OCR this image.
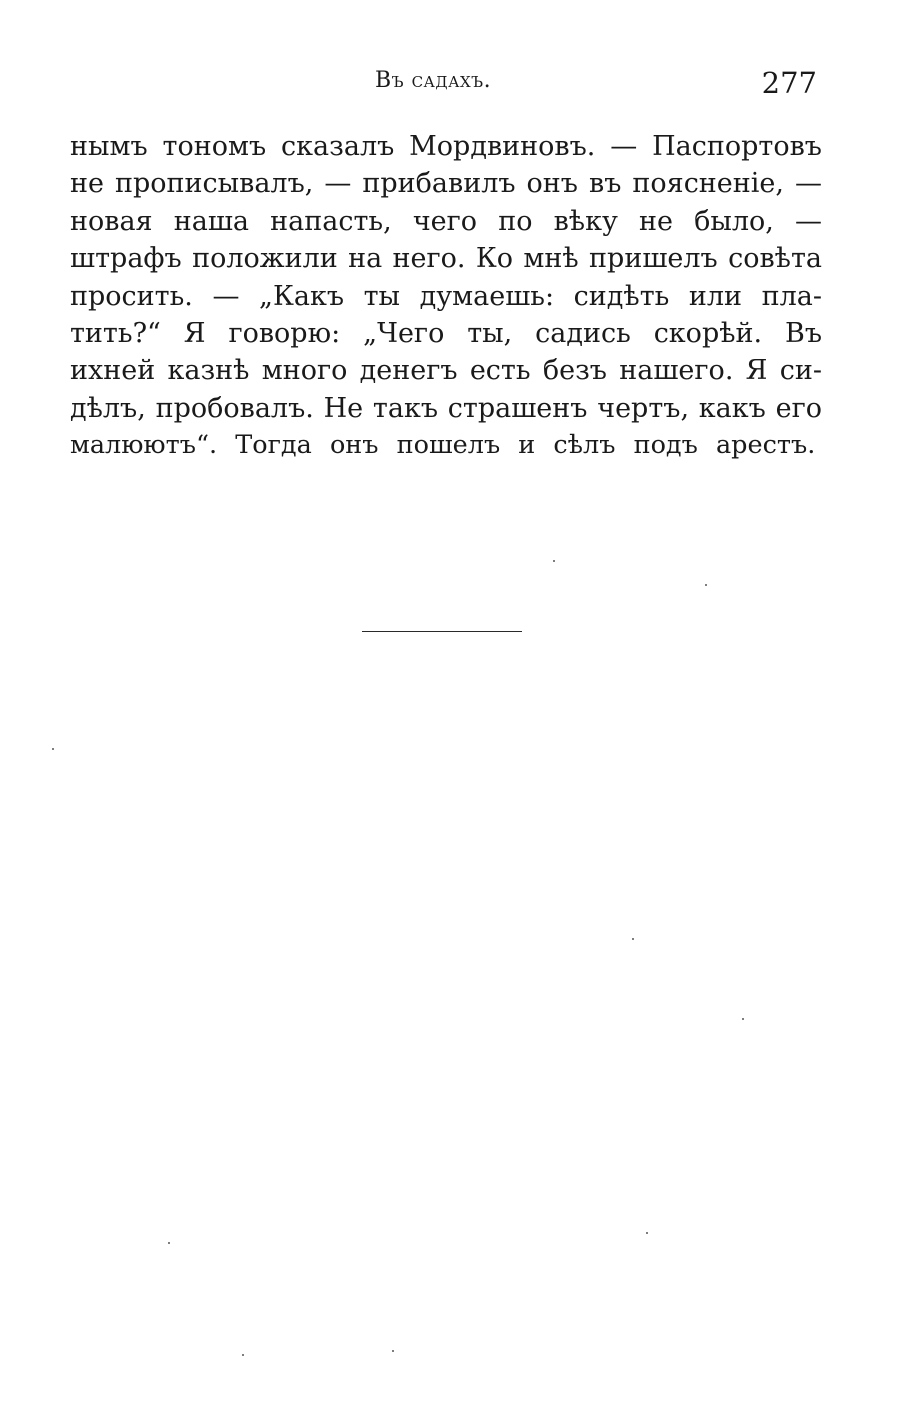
Въ садахъ.	277
нымъ тономъ сказалъ Мордвиновъ. — Паспортовъ
не прописывалъ, — прибавилъ онъ въ поясненіе, —
новая наша напасть, чего по вѣку не было, —
штрафъ положили на него. Ко мнѣ пришелъ совѣта
просить. — „Какъ ты думаешь: сидѣть или пла-
тить?“ Я говорю: „Чего ты, садись скорѣй. Въ
ихней казнѣ много денегъ есть безъ нашего. Я си-
дѣлъ, пробовалъ. Не такъ страшенъ чертъ, какъ его
малюютъ“. Тогда онъ пошелъ и сѣлъ подъ арестъ.
